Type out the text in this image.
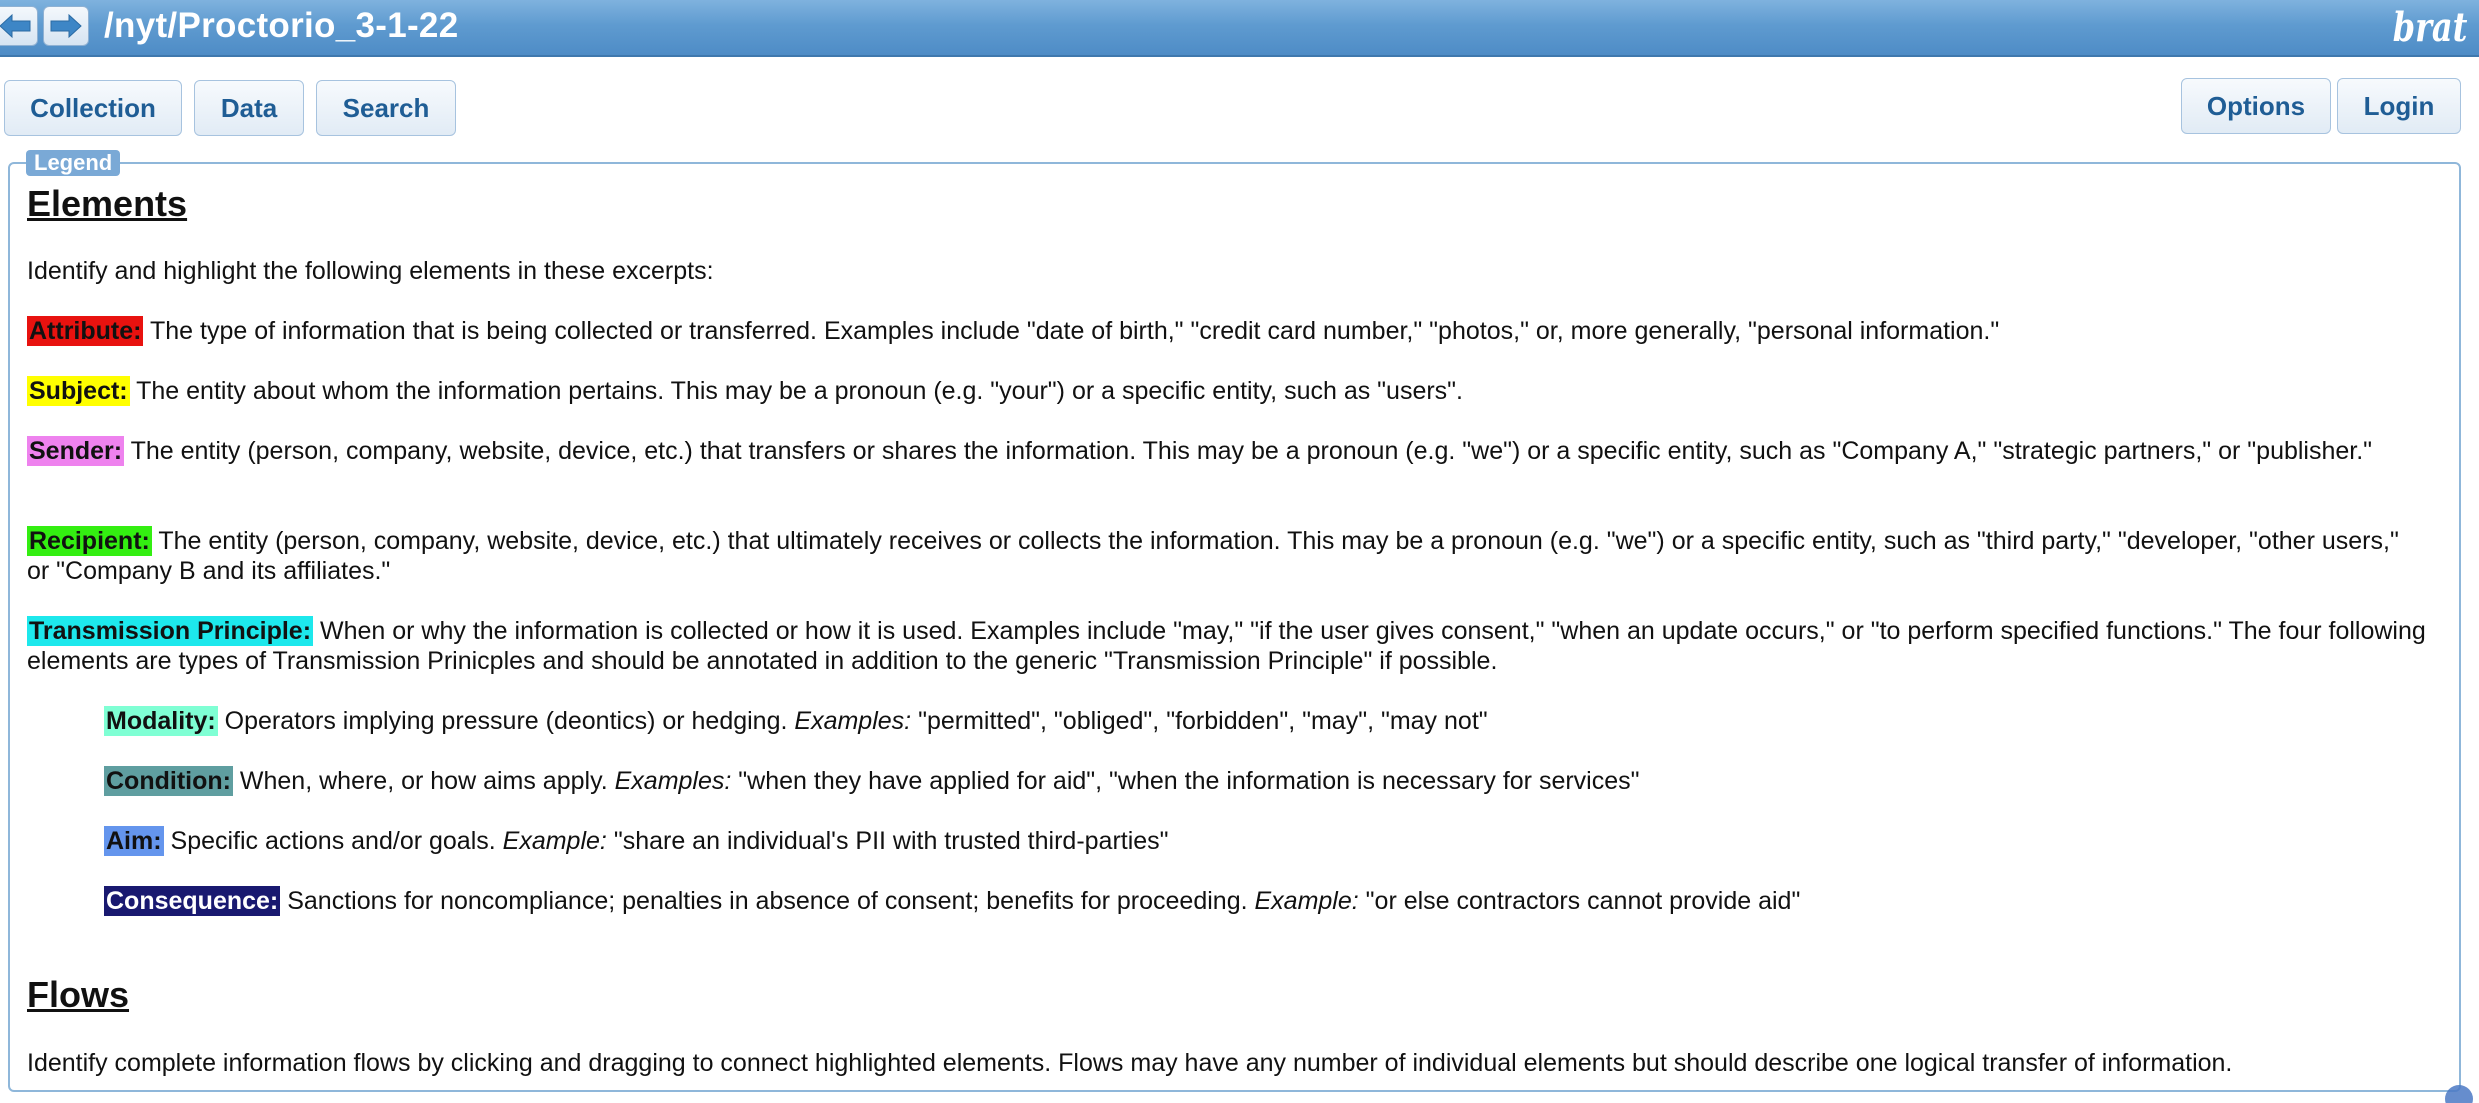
/nyt/Proctorio_3-1-22	brat
Collection	Data	Search	Options	Login
Legend
Elements
Identify and highlight the following elements in these excerpts:
Attribute: The type of information that is being collected or transferred. Examples include "date of birth," "credit card number," "photos," or, more generally, "personal information."
Subject: The entity about whom the information pertains. This may be a pronoun (e.g. "your") or a specific entity, such as "users".
Sender: The entity (person, company, website, device, etc.) that transfers or shares the information. This may be a pronoun (e.g. "we") or a specific entity, such as "Company A," "strategic partners," or "publisher."
Recipient: The entity (person, company, website, device, etc.) that ultimately receives or collects the information. This may be a pronoun (e.g. "we") or a specific entity, such as "third party," "developer, "other users," or "Company B and its affiliates."
Transmission Principle: When or why the information is collected or how it is used. Examples include "may," "if the user gives consent," "when an update occurs," or "to perform specified functions." The four following elements are types of Transmission Prinicples and should be annotated in addition to the generic "Transmission Principle" if possible.
Modality: Operators implying pressure (deontics) or hedging. Examples: "permitted", "obliged", "forbidden", "may", "may not"
Condition: When, where, or how aims apply. Examples: "when they have applied for aid", "when the information is necessary for services"
Aim: Specific actions and/or goals. Example: "share an individual's PII with trusted third-parties"
Consequence: Sanctions for noncompliance; penalties in absence of consent; benefits for proceeding. Example: "or else contractors cannot provide aid"
Flows
Identify complete information flows by clicking and dragging to connect highlighted elements. Flows may have any number of individual elements but should describe one logical transfer of information.
